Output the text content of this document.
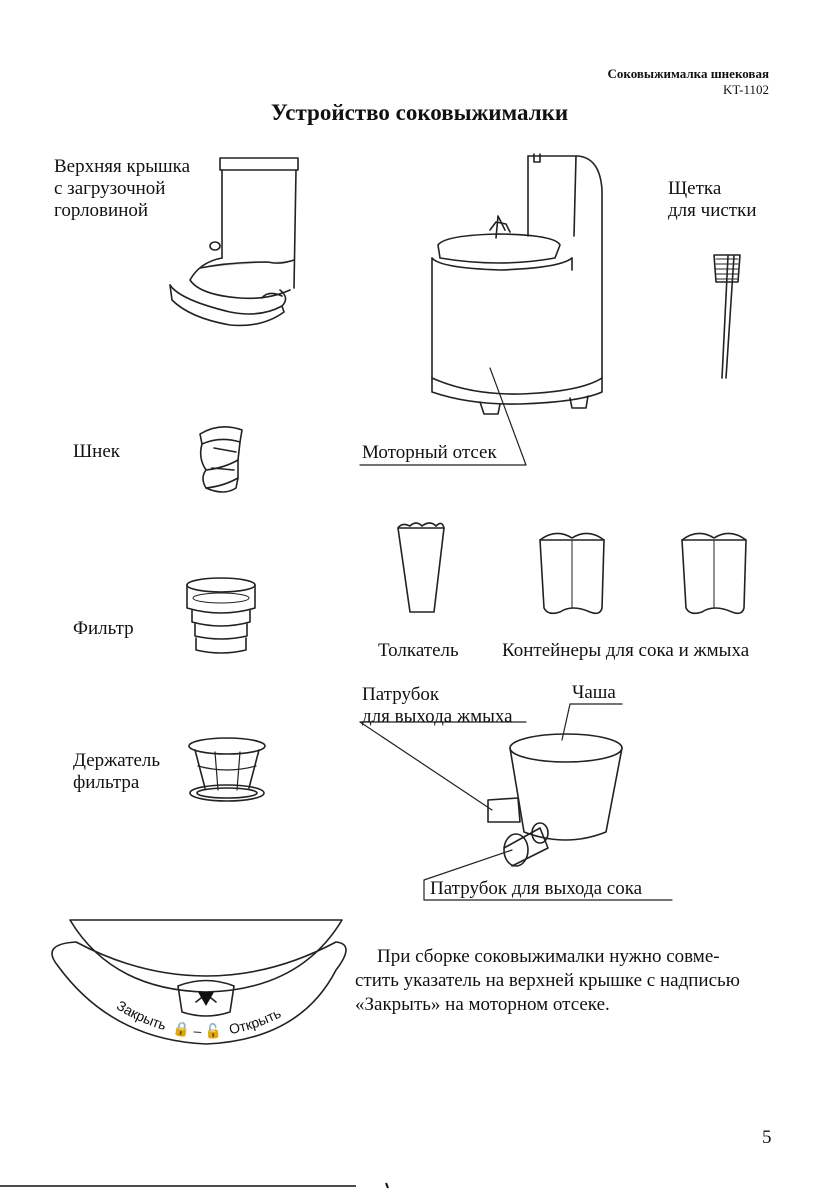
Соковыжималка шнековая
KT-1102
Устройство соковыжималки
Закрыть 🔒 – 🔓 Открыть
Верхняя крышка
с загрузочной
горловиной
Щетка
для чистки
Моторный отсек
Шнек
Фильтр
Толкатель Контейнеры для сока и жмыха
Держатель
фильтра
Патрубок
для выхода жмыха
Чаша
Патрубок для выхода сока
При сборке соковыжималки нужно совме-
стить указатель на верхней крышке с надписью
«Закрыть» на моторном отсеке.
5
